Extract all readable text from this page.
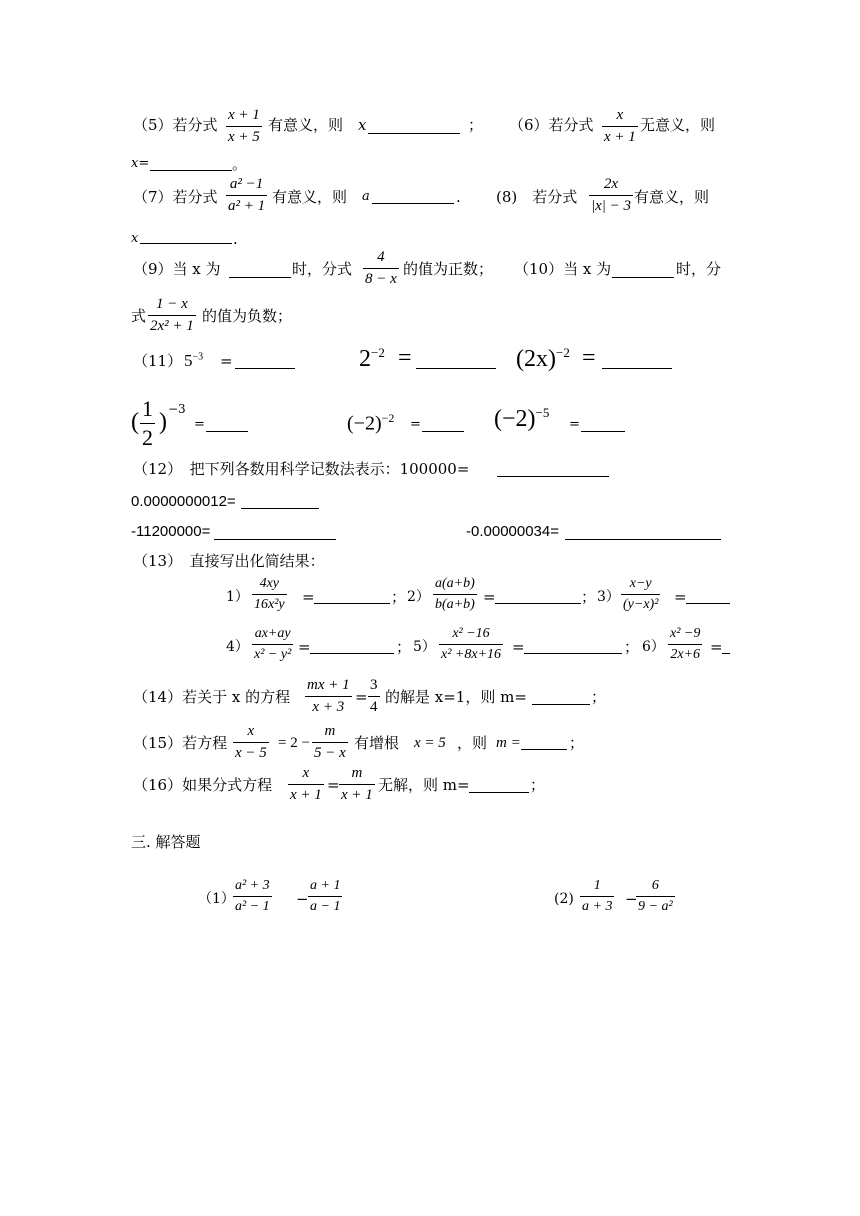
（5）若分式 $\frac{x + 1}{x + 5}$ 有意义，则 x	； （6）若分式 $\frac{x}{x + 1}$ 无意义，则
x=	。
（7）若分式 $\frac{\text{a² −1}}{\text{a² + 1}}$ 有意义，则 a	. (8)　若分式 $\frac{2x}{|x| - 3}$ 有意义，则
x	.
（9）当 x 为	时，分式 $\frac{4}{8 - x}$ 的值为正数； （10）当 x 为	时，分
式 $\frac{1 - x}{\text{2x² + 1}}$ 的值为负数；
（11） $5^{-3}$ =	$2^{-2}$ =	$(2x)^{-2}$ =
( $\frac{1}{2}$ ) −3
=	$(-2)^{-2}$ =	$(-2)^{-5}$
=
（12）　把下列各数用科学记数法表示：100000=
0.0000000012=
-11200000=	-0.00000034=
（13）　直接写出化简结果：
$1) \frac{4xy}{\text{16x²y}}$ =	； $2) \frac{a(a+b)}{b(a+b)}$ =	； $3) \frac{x-y}{\text{(y−x)²}}$ =
$4) \frac{ax+ay}{\text{x² − y²}}$ =	； $5) \frac{\text{x² −16}}{\text{x² +8x+16}}$ =	； $6) \frac{\text{x² −9}}{2x+6}$ =
（14）若关于 x 的方程 $\frac{mx + 1}{x + 3} = \frac{3}{4}$ 的解是 x=1，则 m=	；
（15）若方程 $\frac{x}{x - 5} = 2 - \frac{m}{5 - x}$ 有增根 x = 5 ，则 m =	；
（16）如果分式方程 $\frac{x}{x + 1} = \frac{m}{x + 1}$ 无解，则 m=	；
三. 解答题
（1）
$\frac{\text{a² + 3}}{\text{a² − 1}} - \frac{a + 1}{a - 1}$	$(2) \frac{1}{a + 3}$ −
$\frac{6}{\text{9 − a²}}$
